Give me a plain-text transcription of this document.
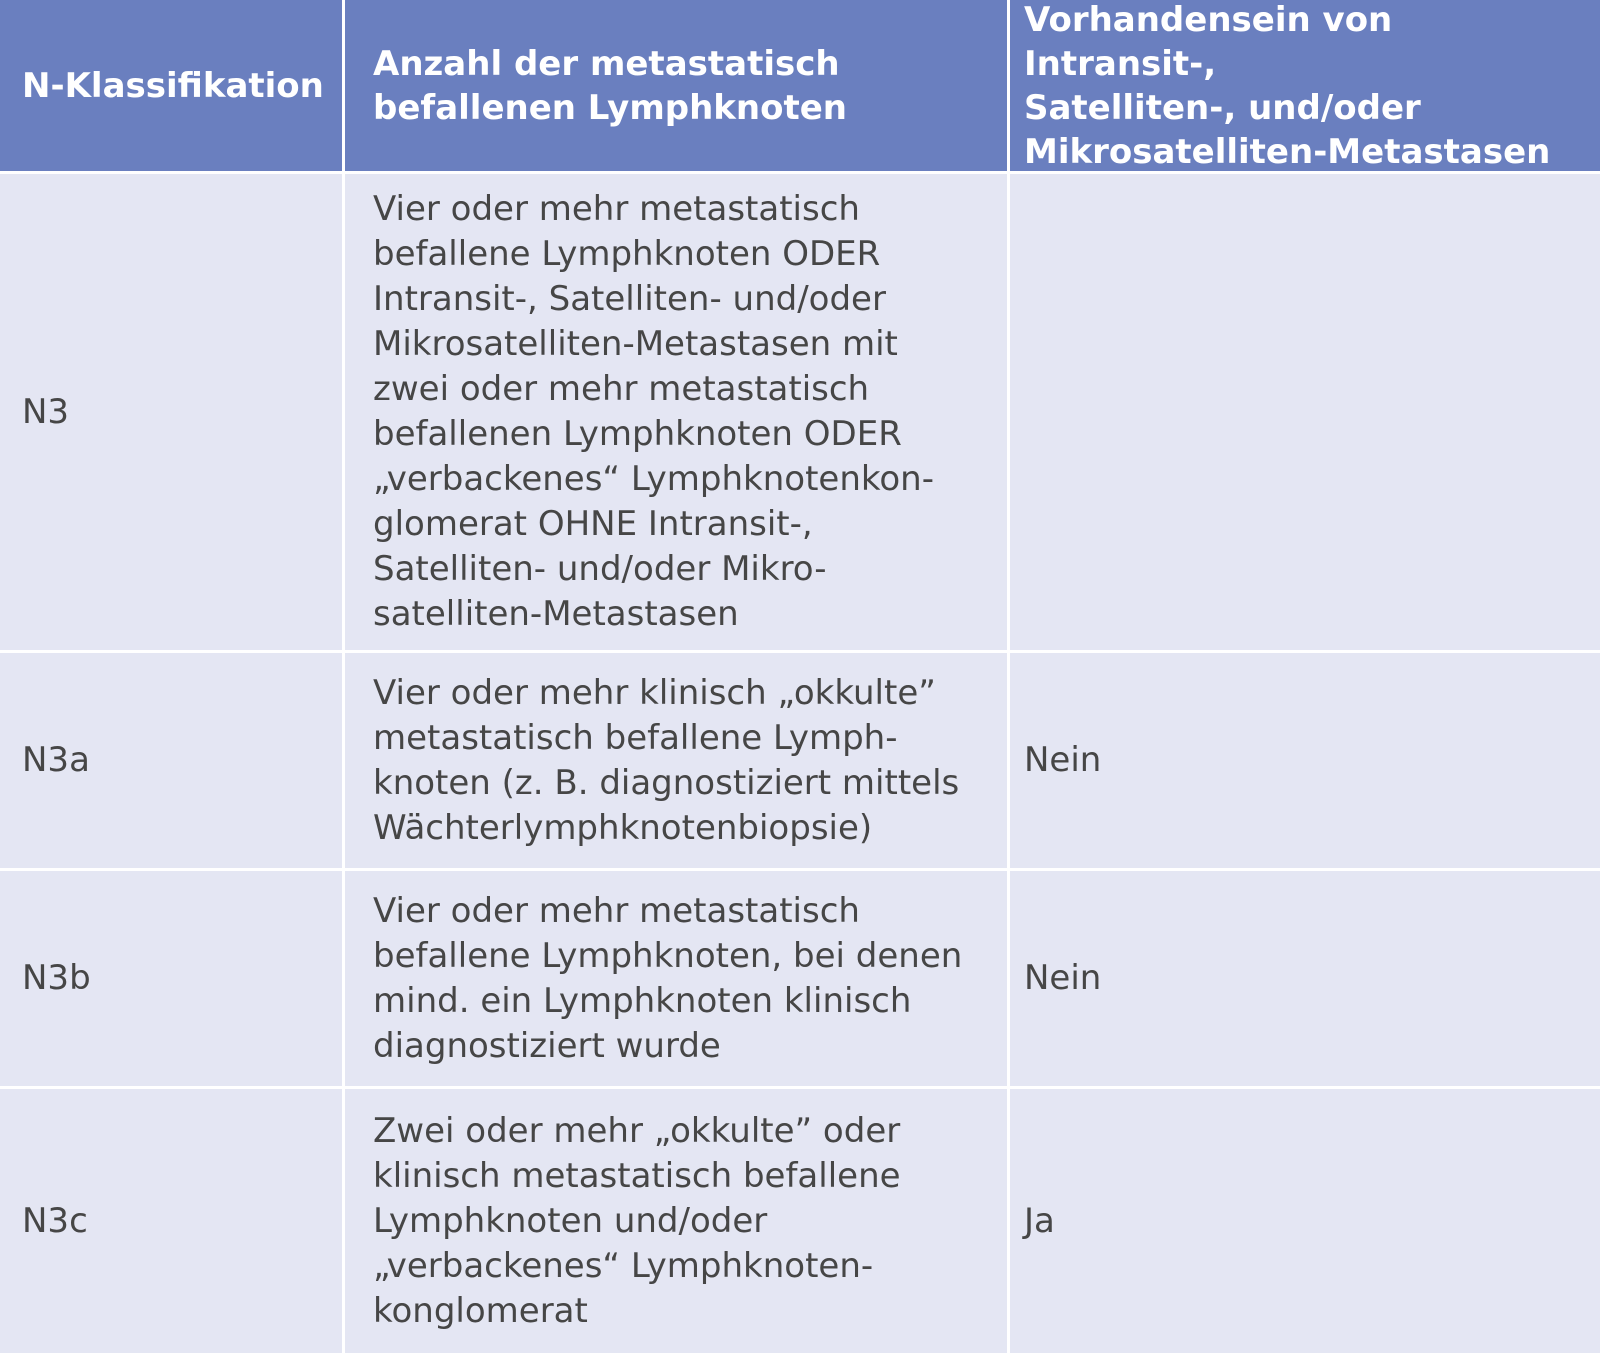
N-Klassifikation
Anzahl der metastatisch
befallenen Lymphknoten
Vorhandensein von Intransit-,
Satelliten-, und/oder
Mikrosatelliten-Metastasen
N3
Vier oder mehr metastatisch
befallene Lymphknoten ODER
Intransit-, Satelliten- und/oder
Mikrosatelliten-Metastasen mit
zwei oder mehr metastatisch
befallenen Lymphknoten ODER
„verbackenes“ Lymphknotenkon-
glomerat OHNE Intransit-,
Satelliten- und/oder Mikro-
satelliten-Metastasen
N3a
Vier oder mehr klinisch „okkulte”
metastatisch befallene Lymph-
knoten (z. B. diagnostiziert mittels
Wächterlymphknotenbiopsie)
Nein
N3b
Vier oder mehr metastatisch
befallene Lymphknoten, bei denen
mind. ein Lymphknoten klinisch
diagnostiziert wurde
Nein
N3c
Zwei oder mehr „okkulte” oder
klinisch metastatisch befallene
Lymphknoten und/oder
„verbackenes“ Lymphknoten-
konglomerat
Ja
